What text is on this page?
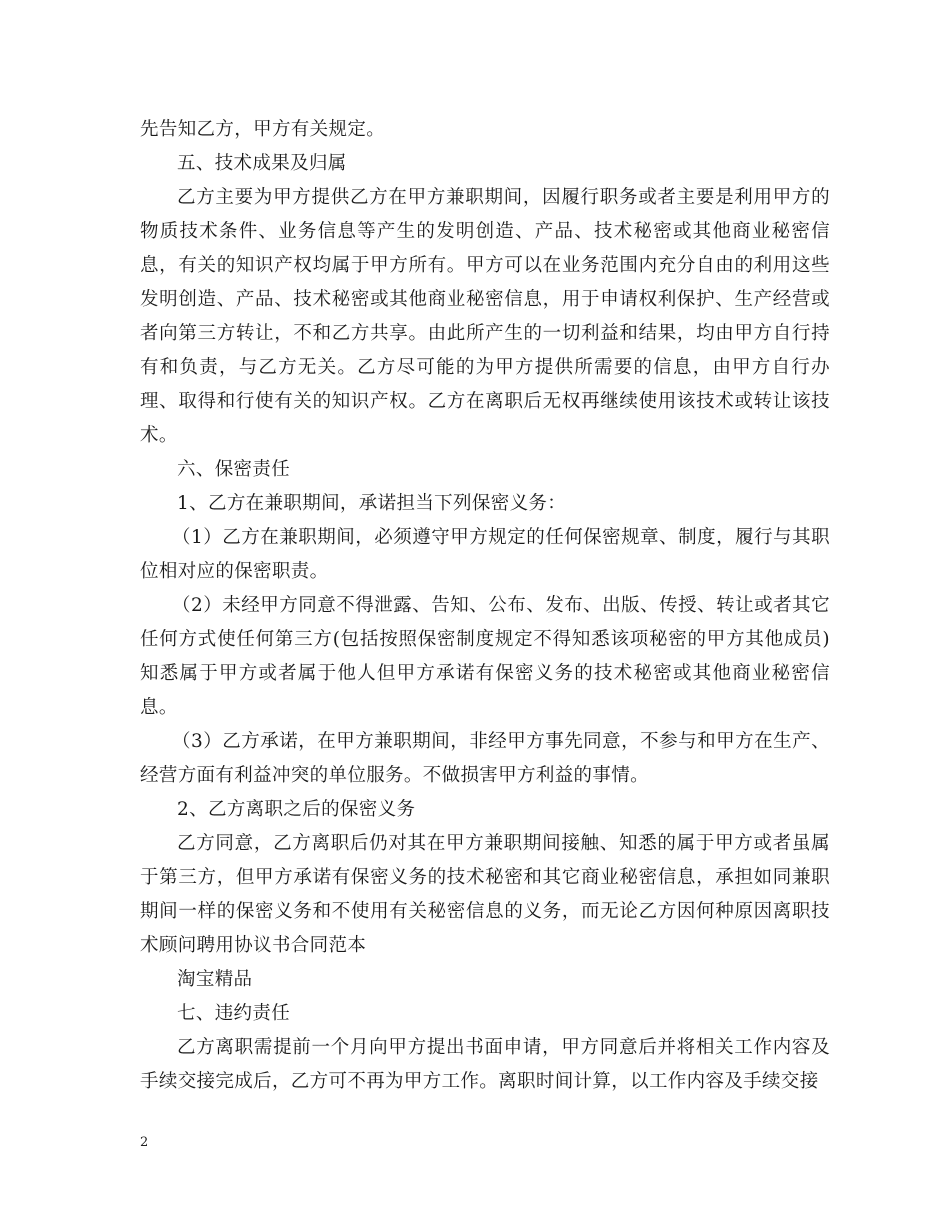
先告知乙方，甲方有关规定。

五、技术成果及归属

乙方主要为甲方提供乙方在甲方兼职期间，因履行职务或者主要是利用甲方的物质技术条件、业务信息等产生的发明创造、产品、技术秘密或其他商业秘密信息，有关的知识产权均属于甲方所有。甲方可以在业务范围内充分自由的利用这些发明创造、产品、技术秘密或其他商业秘密信息，用于申请权利保护、生产经营或者向第三方转让，不和乙方共享。由此所产生的一切利益和结果，均由甲方自行持有和负责，与乙方无关。乙方尽可能的为甲方提供所需要的信息，由甲方自行办理、取得和行使有关的知识产权。乙方在离职后无权再继续使用该技术或转让该技术。

六、保密责任

1、乙方在兼职期间，承诺担当下列保密义务：

（1）乙方在兼职期间，必须遵守甲方规定的任何保密规章、制度，履行与其职位相对应的保密职责。

（2）未经甲方同意不得泄露、告知、公布、发布、出版、传授、转让或者其它任何方式使任何第三方(包括按照保密制度规定不得知悉该项秘密的甲方其他成员)知悉属于甲方或者属于他人但甲方承诺有保密义务的技术秘密或其他商业秘密信息。

（3）乙方承诺，在甲方兼职期间，非经甲方事先同意，不参与和甲方在生产、经营方面有利益冲突的单位服务。不做损害甲方利益的事情。

2、乙方离职之后的保密义务

乙方同意，乙方离职后仍对其在甲方兼职期间接触、知悉的属于甲方或者虽属于第三方，但甲方承诺有保密义务的技术秘密和其它商业秘密信息，承担如同兼职期间一样的保密义务和不使用有关秘密信息的义务，而无论乙方因何种原因离职技术顾问聘用协议书合同范本

淘宝精品

七、违约责任

乙方离职需提前一个月向甲方提出书面申请，甲方同意后并将相关工作内容及手续交接完成后，乙方可不再为甲方工作。离职时间计算，以工作内容及手续交接

2
